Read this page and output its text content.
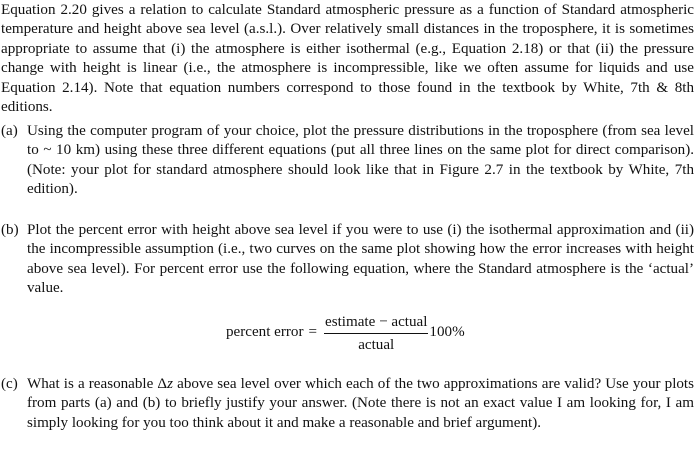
Equation 2.20 gives a relation to calculate Standard atmospheric pressure as a function of Standard atmospheric temperature and height above sea level (a.s.l.). Over relatively small distances in the troposphere, it is sometimes appropriate to assume that (i) the atmosphere is either isothermal (e.g., Equation 2.18) or that (ii) the pressure change with height is linear (i.e., the atmosphere is incompressible, like we often assume for liquids and use Equation 2.14). Note that equation numbers correspond to those found in the textbook by White, 7th & 8th editions.

(a) Using the computer program of your choice, plot the pressure distributions in the troposphere (from sea level to ~ 10 km) using these three different equations (put all three lines on the same plot for direct comparison). (Note: your plot for standard atmosphere should look like that in Figure 2.7 in the textbook by White, 7th edition).
(b) Plot the percent error with height above sea level if you were to use (i) the isothermal approximation and (ii) the incompressible assumption (i.e., two curves on the same plot showing how the error increases with height above sea level). For percent error use the following equation, where the Standard atmosphere is the ‘actual’ value.
percent error = $\frac{\text{estimate − actual}}{\text{actual}} 100\%$
(c) What is a reasonable Δz above sea level over which each of the two approximations are valid? Use your plots from parts (a) and (b) to briefly justify your answer. (Note there is not an exact value I am looking for, I am simply looking for you too think about it and make a reasonable and brief argument).
